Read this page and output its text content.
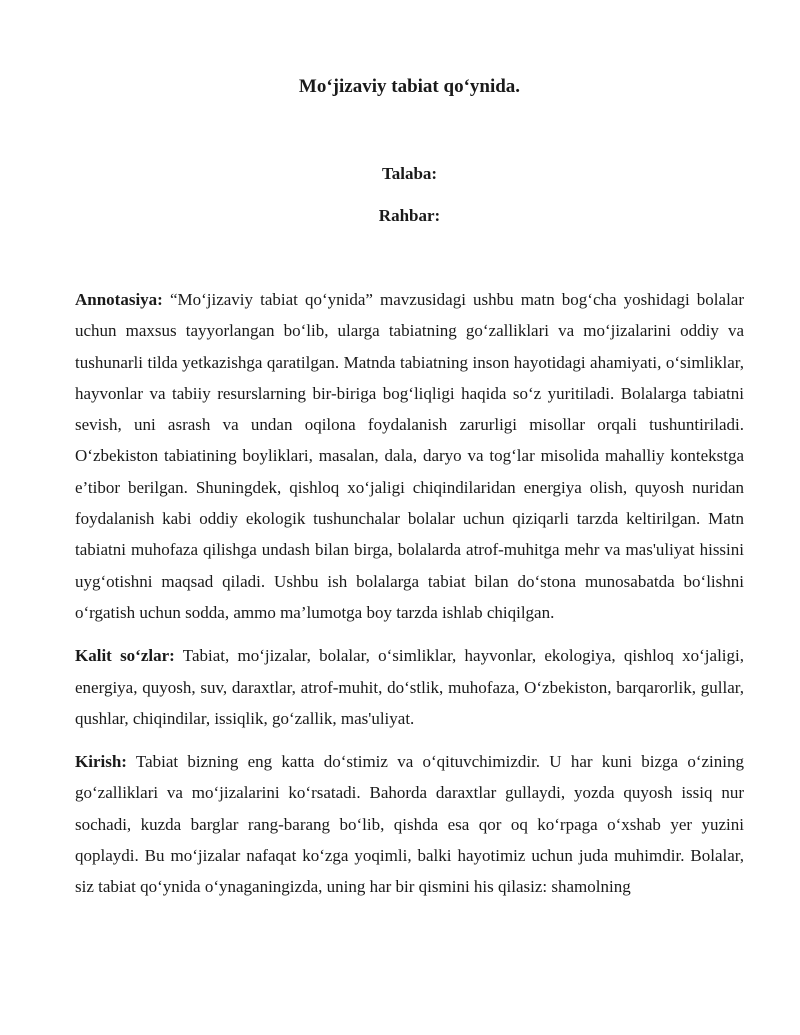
Mo‘jizaviy tabiat qo‘ynida.

Talaba:

Rahbar:

Annotasiya: “Mo‘jizaviy tabiat qo‘ynida” mavzusidagi ushbu matn bog‘cha yoshidagi bolalar uchun maxsus tayyorlangan bo‘lib, ularga tabiatning go‘zalliklari va mo‘jizalarini oddiy va tushunarli tilda yetkazishga qaratilgan. Matnda tabiatning inson hayotidagi ahamiyati, o‘simliklar, hayvonlar va tabiiy resurslarning bir-biriga bog‘liqligi haqida so‘z yuritiladi. Bolalarga tabiatni sevish, uni asrash va undan oqilona foydalanish zarurligi misollar orqali tushuntiriladi. O‘zbekiston tabiatining boyliklari, masalan, dala, daryo va tog‘lar misolida mahalliy kontekstga e’tibor berilgan. Shuningdek, qishloq xo‘jaligi chiqindilaridan energiya olish, quyosh nuridan foydalanish kabi oddiy ekologik tushunchalar bolalar uchun qiziqarli tarzda keltirilgan. Matn tabiatni muhofaza qilishga undash bilan birga, bolalarda atrof-muhitga mehr va mas'uliyat hissini uyg‘otishni maqsad qiladi. Ushbu ish bolalarga tabiat bilan do‘stona munosabatda bo‘lishni o‘rgatish uchun sodda, ammo ma’lumotga boy tarzda ishlab chiqilgan.

Kalit so‘zlar: Tabiat, mo‘jizalar, bolalar, o‘simliklar, hayvonlar, ekologiya, qishloq xo‘jaligi, energiya, quyosh, suv, daraxtlar, atrof-muhit, do‘stlik, muhofaza, O‘zbekiston, barqarorlik, gullar, qushlar, chiqindilar, issiqlik, go‘zallik, mas'uliyat.

Kirish: Tabiat bizning eng katta do‘stimiz va o‘qituvchimizdir. U har kuni bizga o‘zining go‘zalliklari va mo‘jizalarini ko‘rsatadi. Bahorda daraxtlar gullaydi, yozda quyosh issiq nur sochadi, kuzda barglar rang-barang bo‘lib, qishda esa qor oq ko‘rpaga o‘xshab yer yuzini qoplaydi. Bu mo‘jizalar nafaqat ko‘zga yoqimli, balki hayotimiz uchun juda muhimdir. Bolalar, siz tabiat qo‘ynida o‘ynaganingizda, uning har bir qismini his qilasiz: shamolning
